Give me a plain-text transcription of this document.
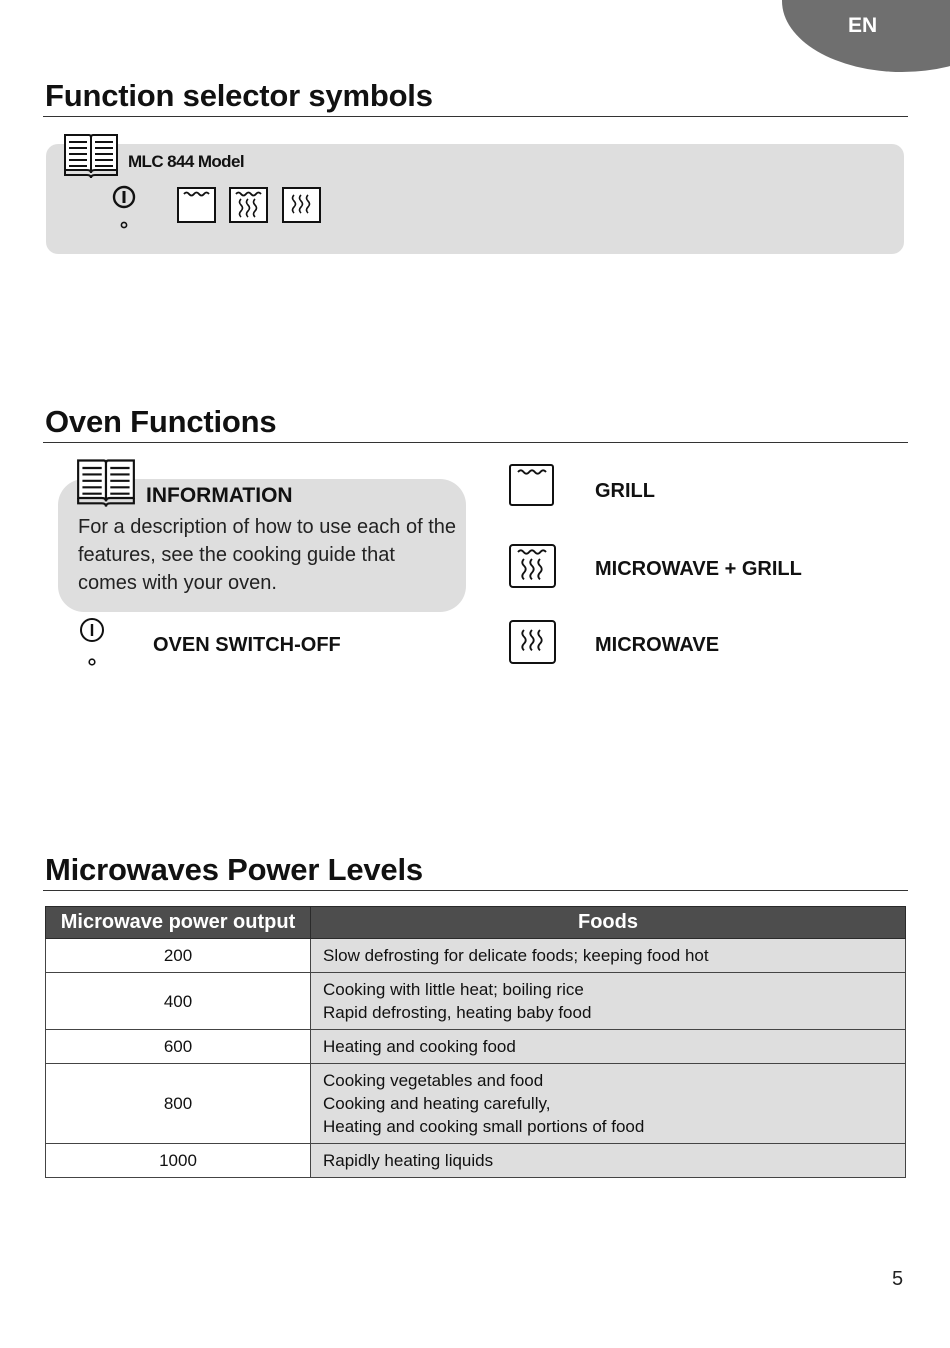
EN
Function selector symbols
MLC 844 Model
Oven Functions
INFORMATION
For a description of how to use each of the features, see the cooking guide that comes with your oven.
OVEN SWITCH-OFF
GRILL
MICROWAVE + GRILL
MICROWAVE
Microwaves Power Levels
Microwave power output	Foods
200	Slow defrosting for delicate foods; keeping food hot

400	Cooking with little heat; boiling rice
Rapid defrosting, heating baby food

600	Heating and cooking food

800	Cooking vegetables and food
Cooking and heating carefully,
Heating and cooking small portions of food

1000	Rapidly heating liquids
5
